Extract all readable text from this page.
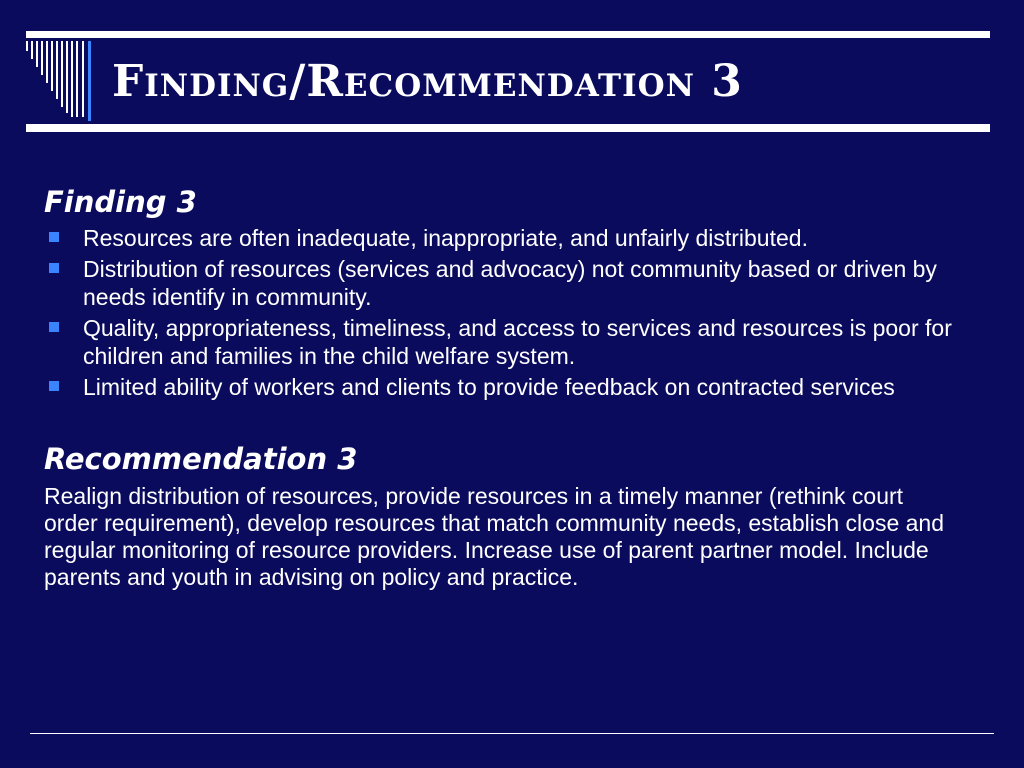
Finding/Recommendation 3
Finding 3
Resources are often inadequate, inappropriate, and unfairly distributed.
Distribution of resources (services and advocacy) not community based or driven by needs identify in community.
Quality, appropriateness, timeliness, and access to services and resources is poor for children and families in the child welfare system.
Limited ability of workers and clients to provide feedback on contracted services
Recommendation 3

Realign distribution of resources, provide resources in a timely manner (rethink court order requirement), develop resources that match community needs, establish close and regular monitoring of resource providers. Increase use of parent partner model. Include parents and youth in advising on policy and practice.
